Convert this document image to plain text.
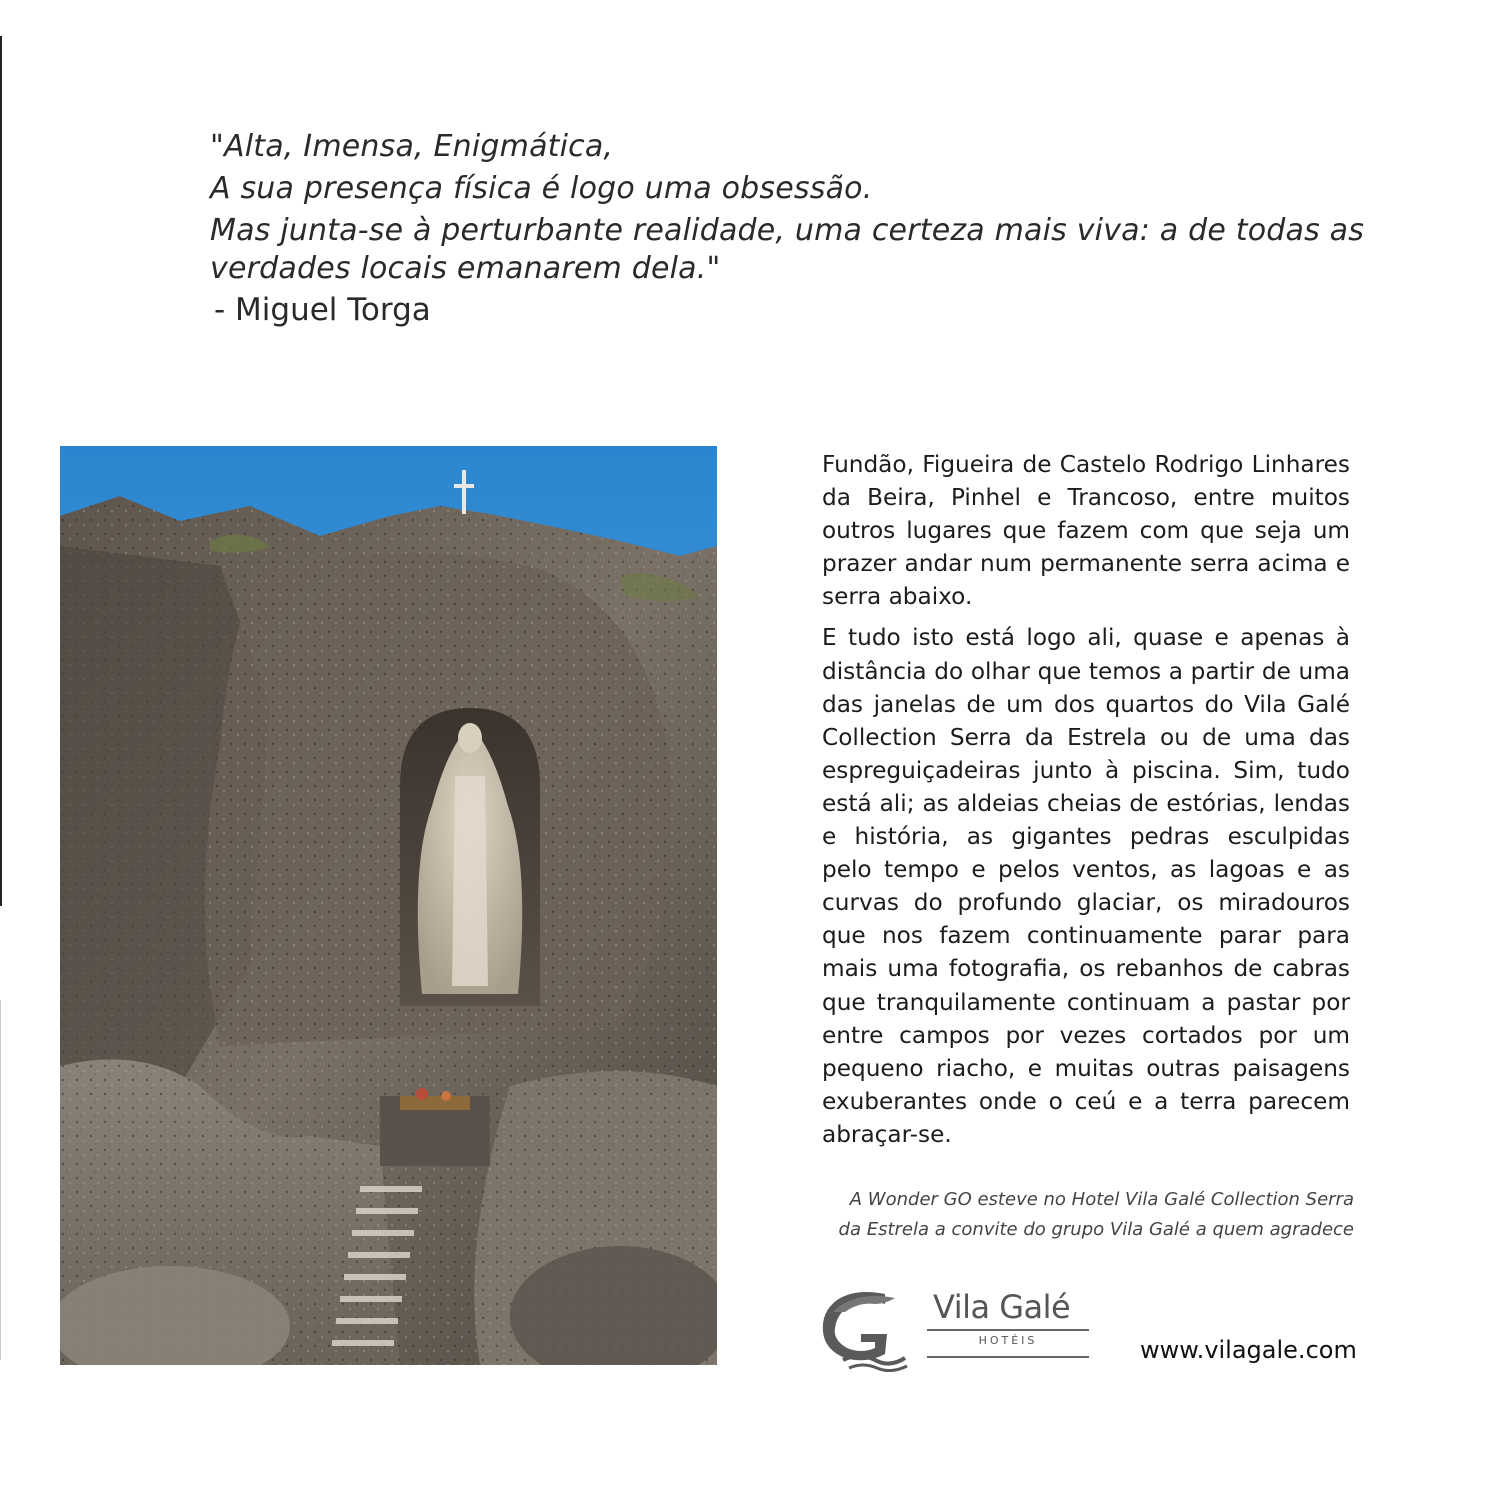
"Alta, Imensa, Enigmática,
A sua presença física é logo uma obsessão.
Mas junta-se à perturbante realidade, uma certeza mais viva: a de todas as
verdades locais emanarem dela."
- Miguel Torga

Fundão, Figueira de Castelo Rodrigo Linhares da Beira, Pinhel e Trancoso, entre muitos outros lugares que fazem com que seja um prazer andar num permanente serra acima e serra abaixo.

E tudo isto está logo ali, quase e apenas à distância do olhar que temos a partir de uma das janelas de um dos quartos do Vila Galé Collection Serra da Estrela ou de uma das espreguiçadeiras junto à piscina. Sim, tudo está ali; as aldeias cheias de estórias, lendas e história, as gigantes pedras esculpidas pelo tempo e pelos ventos, as lagoas e as curvas do profundo glaciar, os miradouros que nos fazem continuamente parar para mais uma fotografia, os rebanhos de cabras que tranquilamente continuam a pastar por entre campos por vezes cortados por um pequeno riacho, e muitas outras paisagens exuberantes onde o ceú e a terra parecem abraçar-se.

A Wonder GO esteve no Hotel Vila Galé Collection Serra
da Estrela a convite do grupo Vila Galé a quem agradece
Vila Galé
HOTÉIS	www.vilagale.com
